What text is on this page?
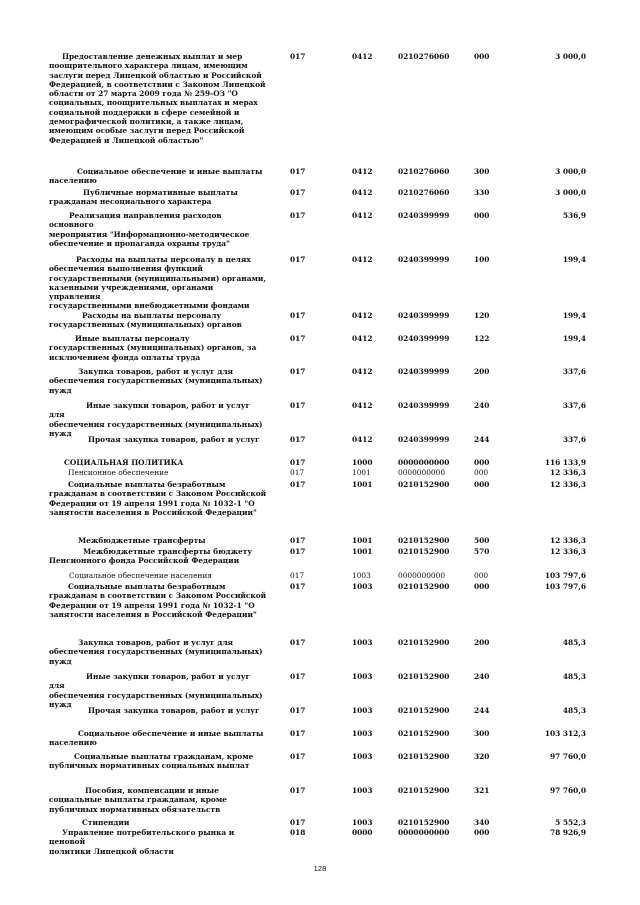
Предоставление денежных выплат и мер
поощрительного характера лицам, имеющим
заслуги перед Липецкой областью и Российской
Федерацией, в соответствии с Законом Липецкой
области от 27 марта 2009 года № 259-ОЗ "О
социальных, поощрительных выплатах и мерах
социальной поддержки в сфере семейной и
демографической политики, а также лицам,
имеющим особые заслуги перед Российской
Федерацией и Липецкой областью"
017	0412	0210276060	000	3 000,0
Социальное обеспечение и иные выплаты
населению
017	0412	0210276060	300	3 000,0
Публичные нормативные выплаты
гражданам несоциального характера
017	0412	0210276060	330	3 000,0
Реализация направления расходов основного
мероприятия "Информационно-методическое
обеспечение и пропаганда охраны труда"
017	0412	0240399999	000	536,9
Расходы на выплаты персоналу в целях
обеспечения выполнения функций
государственными (муниципальными) органами,
казенными учреждениями, органами управления
государственными внебюджетными фондами
017	0412	0240399999	100	199,4
Расходы на выплаты персоналу
государственных (муниципальных) органов
017	0412	0240399999	120	199,4
Иные выплаты персоналу
государственных (муниципальных) органов, за
исключением фонда оплаты труда
017	0412	0240399999	122	199,4
Закупка товаров, работ и услуг для
обеспечения государственных (муниципальных)
нужд
017	0412	0240399999	200	337,6
Иные закупки товаров, работ и услуг для
обеспечения государственных (муниципальных)
нужд
017	0412	0240399999	240	337,6
Прочая закупка товаров, работ и услуг	017	0412	0240399999	244	337,6
СОЦИАЛЬНАЯ ПОЛИТИКА	017	1000	0000000000	000	116 133,9
Пенсионное обеспечение	017	1001	0000000000	000	12 336,3
Социальные выплаты безработным
гражданам в соответствии с Законом Российской
Федерации от 19 апреля 1991 года № 1032-1 "О
занятости населения в Российской Федерации"
017	1001	0210152900	000	12 336,3
Межбюджетные трансферты	017	1001	0210152900	500	12 336,3
Межбюджетные трансферты бюджету
Пенсионного фонда Российской Федерации
017	1001	0210152900	570	12 336,3
Социальное обеспечение населения	017	1003	0000000000	000	103 797,6
Социальные выплаты безработным
гражданам в соответствии с Законом Российской
Федерации от 19 апреля 1991 года № 1032-1 "О
занятости населения в Российской Федерации"
017	1003	0210152900	000	103 797,6
Закупка товаров, работ и услуг для
обеспечения государственных (муниципальных)
нужд
017	1003	0210152900	200	485,3
Иные закупки товаров, работ и услуг для
обеспечения государственных (муниципальных)
нужд
017	1003	0210152900	240	485,3
Прочая закупка товаров, работ и услуг	017	1003	0210152900	244	485,3
Социальное обеспечение и иные выплаты
населению
017	1003	0210152900	300	103 312,3
Социальные выплаты гражданам, кроме
публичных нормативных социальных выплат
017	1003	0210152900	320	97 760,0
Пособия, компенсации и иные
социальные выплаты гражданам, кроме
публичных нормативных обязательств
017	1003	0210152900	321	97 760,0
Стипендии	017	1003	0210152900	340	5 552,3
Управление потребительского рынка и ценовой
политики Липецкой области
018	0000	0000000000	000	78 926,9
128
